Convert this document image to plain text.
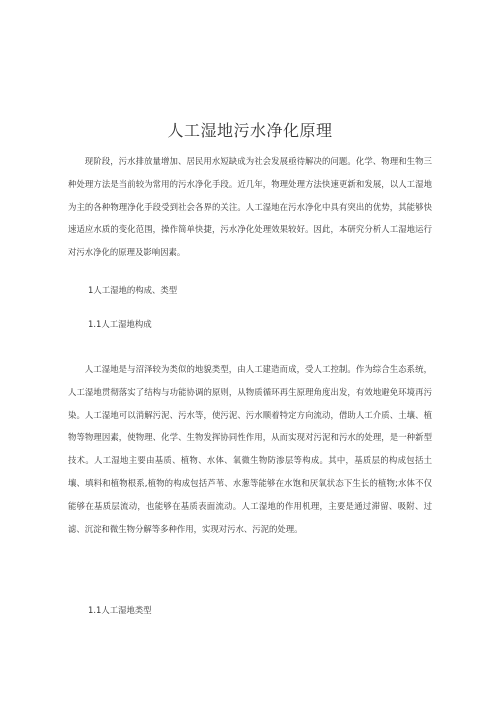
人工湿地污水净化原理

现阶段，污水排放量增加、居民用水短缺成为社会发展亟待解决的问题。化学、物理和生物三种处理方法是当前较为常用的污水净化手段。近几年，物理处理方法快速更新和发展，以人工湿地为主的各种物理净化手段受到社会各界的关注。人工湿地在污水净化中具有突出的优势，其能够快速适应水质的变化范围，操作简单快捷，污水净化处理效果较好。因此，本研究分析人工湿地运行对污水净化的原理及影响因素。

1人工湿地的构成、类型

1.1人工湿地构成

人工湿地是与沼泽较为类似的地貌类型，由人工建造而成，受人工控制。作为综合生态系统，人工湿地贯彻落实了结构与功能协调的原则，从物质循环再生原理角度出发，有效地避免环境再污染。人工湿地可以消解污泥、污水等，使污泥、污水顺着特定方向流动，借助人工介质、土壤、植物等物理因素，使物理、化学、生物发挥协同性作用，从而实现对污泥和污水的处理，是一种新型技术。人工湿地主要由基质、植物、水体、氧微生物防渗层等构成。其中，基质层的构成包括土壤、填料和植物根系,植物的构成包括芦苇、水葱等能够在水饱和厌氧状态下生长的植物;水体不仅能够在基质层流动，也能够在基质表面流动。人工湿地的作用机理，主要是通过滞留、吸附、过滤、沉淀和微生物分解等多种作用，实现对污水、污泥的处理。

1.1人工湿地类型
